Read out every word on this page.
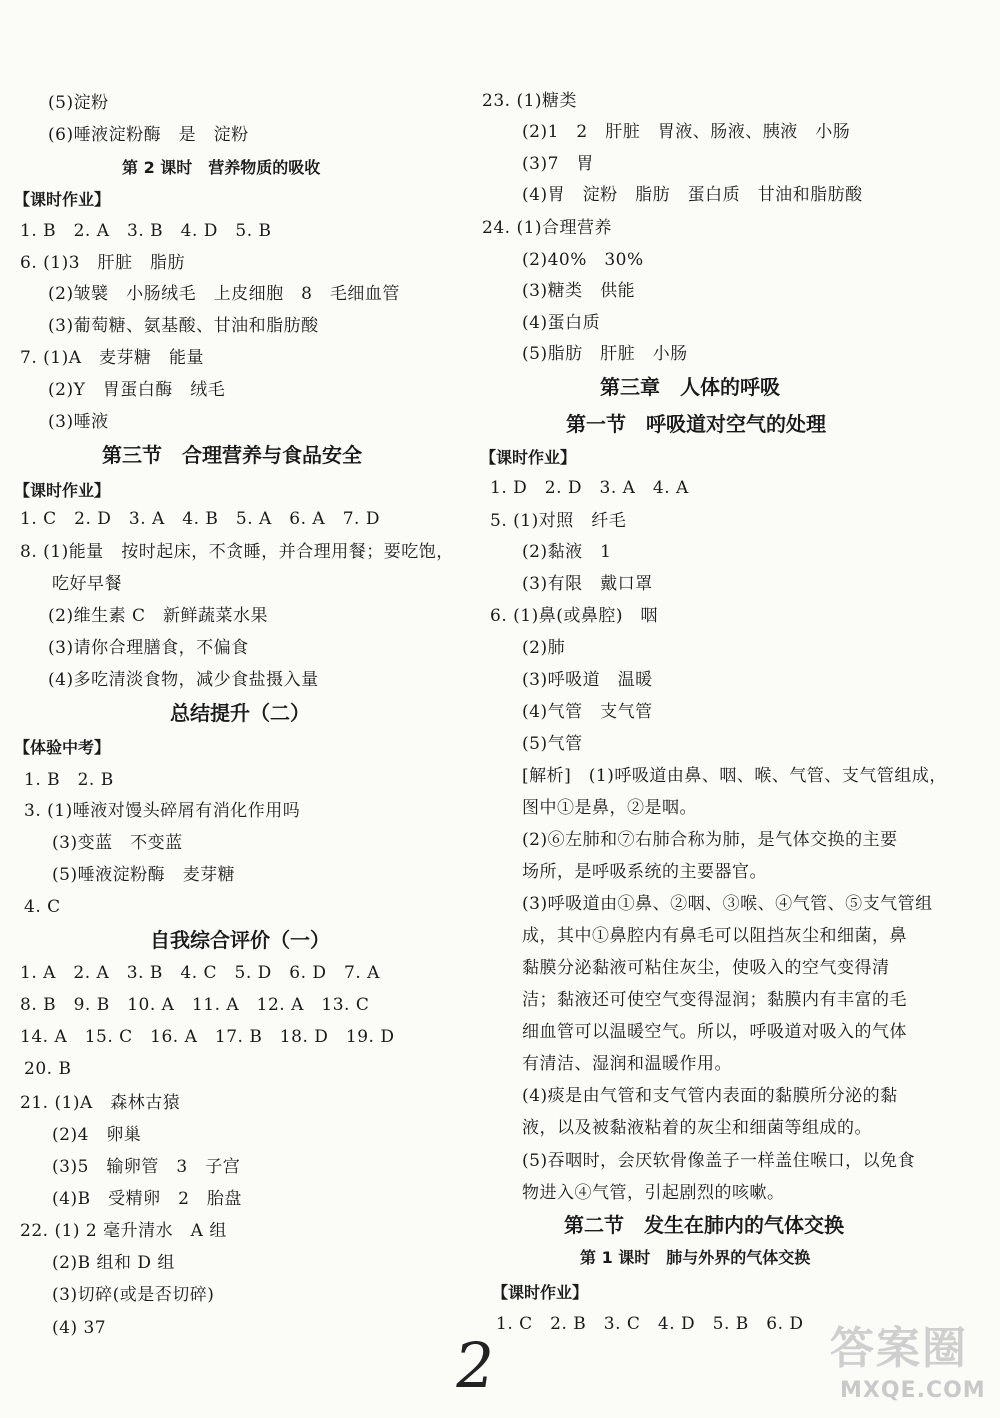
(5)淀粉
(6)唾液淀粉酶　是　淀粉
第 2 课时　营养物质的吸收
【课时作业】
1. B　2. A　3. B　4. D　5. B
6. (1)3　肝脏　脂肪
(2)皱襞　小肠绒毛　上皮细胞　8　毛细血管
(3)葡萄糖、氨基酸、甘油和脂肪酸
7. (1)A　麦芽糖　能量
(2)Y　胃蛋白酶　绒毛
(3)唾液
第三节　合理营养与食品安全
【课时作业】
1. C　2. D　3. A　4. B　5. A　6. A　7. D
8. (1)能量　按时起床，不贪睡，并合理用餐；要吃饱，
吃好早餐
(2)维生素 C　新鲜蔬菜水果
(3)请你合理膳食，不偏食
(4)多吃清淡食物，减少食盐摄入量
总结提升（二）
【体验中考】
1. B　2. B
3. (1)唾液对馒头碎屑有消化作用吗
(3)变蓝　不变蓝
(5)唾液淀粉酶　麦芽糖
4. C
自我综合评价（一）
1. A　2. A　3. B　4. C　5. D　6. D　7. A
8. B　9. B　10. A　11. A　12. A　13. C
14. A　15. C　16. A　17. B　18. D　19. D
20. B
21. (1)A　森林古猿
(2)4　卵巢
(3)5　输卵管　3　子宫
(4)B　受精卵　2　胎盘
22. (1) 2 毫升清水　A 组
(2)B 组和 D 组
(3)切碎(或是否切碎)
(4) 37
23. (1)糖类
(2)1　2　肝脏　胃液、肠液、胰液　小肠
(3)7　胃
(4)胃　淀粉　脂肪　蛋白质　甘油和脂肪酸
24. (1)合理营养
(2)40%　30%
(3)糖类　供能
(4)蛋白质
(5)脂肪　肝脏　小肠
第三章　人体的呼吸
第一节　呼吸道对空气的处理
【课时作业】
1. D　2. D　3. A　4. A
5. (1)对照　纤毛
(2)黏液　1
(3)有限　戴口罩
6. (1)鼻(或鼻腔)　咽
(2)肺
(3)呼吸道　温暖
(4)气管　支气管
(5)气管
[解析]　(1)呼吸道由鼻、咽、喉、气管、支气管组成，
图中①是鼻，②是咽。
(2)⑥左肺和⑦右肺合称为肺，是气体交换的主要
场所，是呼吸系统的主要器官。
(3)呼吸道由①鼻、②咽、③喉、④气管、⑤支气管组
成，其中①鼻腔内有鼻毛可以阻挡灰尘和细菌，鼻
黏膜分泌黏液可粘住灰尘，使吸入的空气变得清
洁；黏液还可使空气变得湿润；黏膜内有丰富的毛
细血管可以温暖空气。所以，呼吸道对吸入的气体
有清洁、湿润和温暖作用。
(4)痰是由气管和支气管内表面的黏膜所分泌的黏
液，以及被黏液粘着的灰尘和细菌等组成的。
(5)吞咽时，会厌软骨像盖子一样盖住喉口，以免食
物进入④气管，引起剧烈的咳嗽。
第二节　发生在肺内的气体交换
第 1 课时　肺与外界的气体交换
【课时作业】
1. C　2. B　3. C　4. D　5. B　6. D
2	答案圈
MXQE.COM
